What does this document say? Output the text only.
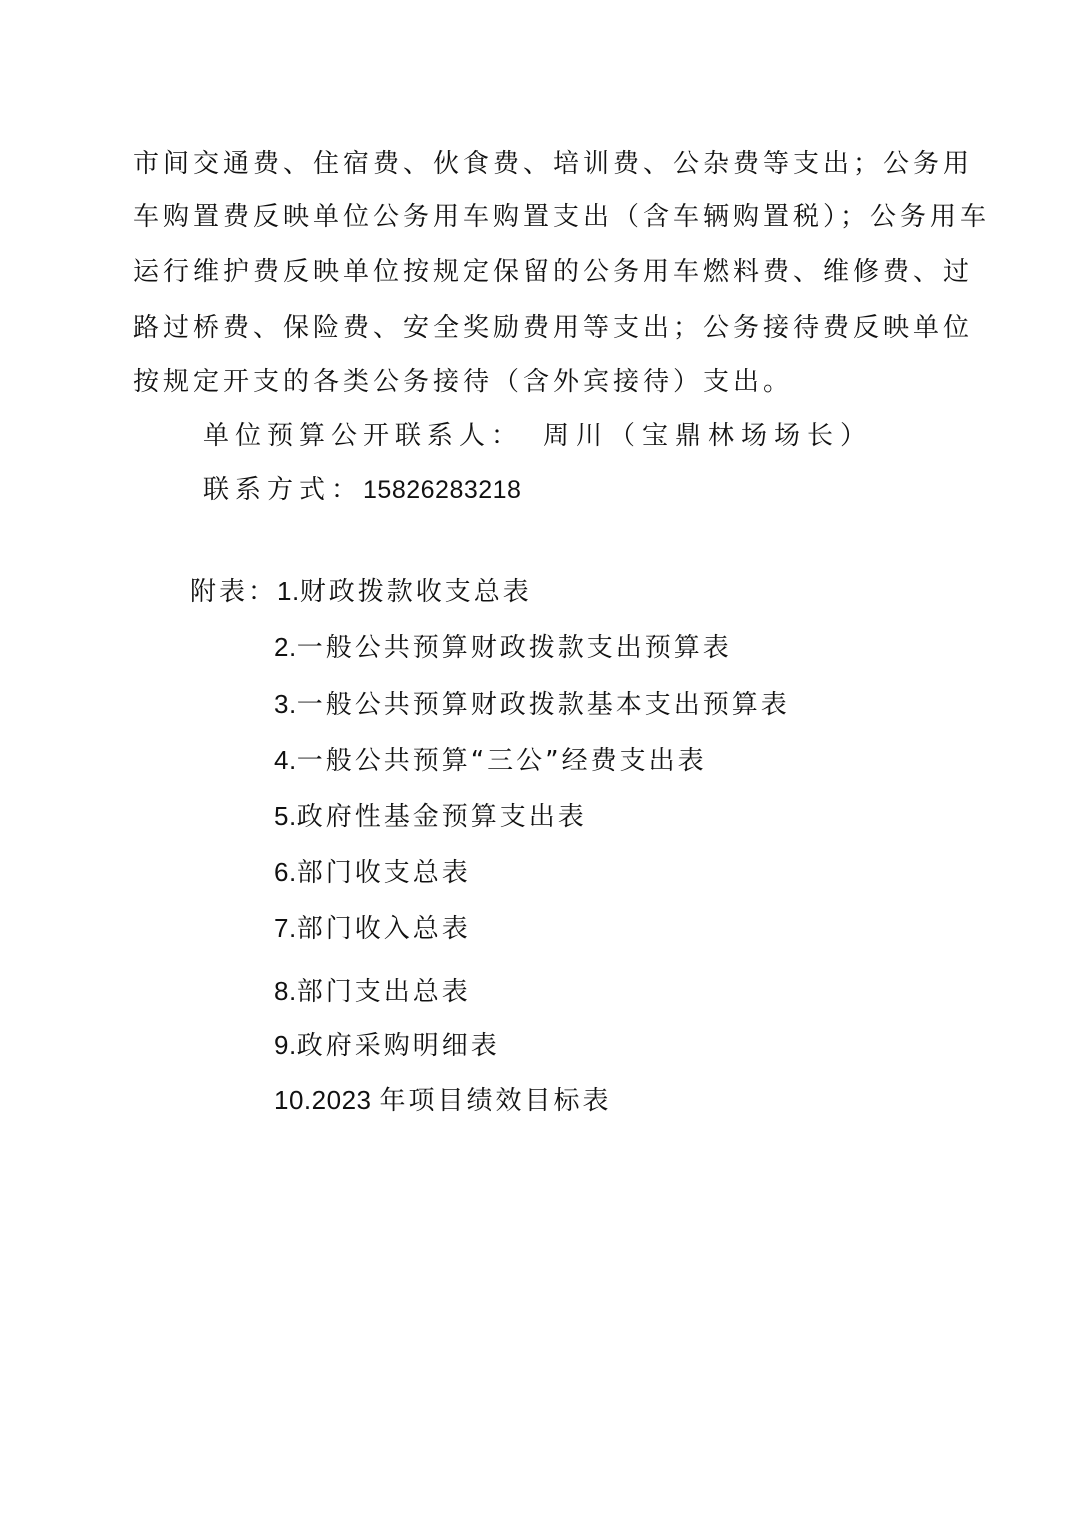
市间交通费、住宿费、伙食费、培训费、公杂费等支出；公务用
车购置费反映单位公务用车购置支出（含车辆购置税）；公务用车
运行维护费反映单位按规定保留的公务用车燃料费、维修费、过
路过桥费、保险费、安全奖励费用等支出；公务接待费反映单位
按规定开支的各类公务接待（含外宾接待）支出。
单位预算公开联系人： 周川（宝鼎林场场长）
联系方式：15826283218
附表：1.财政拨款收支总表
2.一般公共预算财政拨款支出预算表
3.一般公共预算财政拨款基本支出预算表
4.一般公共预算“三公”经费支出表
5.政府性基金预算支出表
6.部门收支总表
7.部门收入总表
8.部门支出总表
9.政府采购明细表
10.2023 年项目绩效目标表
